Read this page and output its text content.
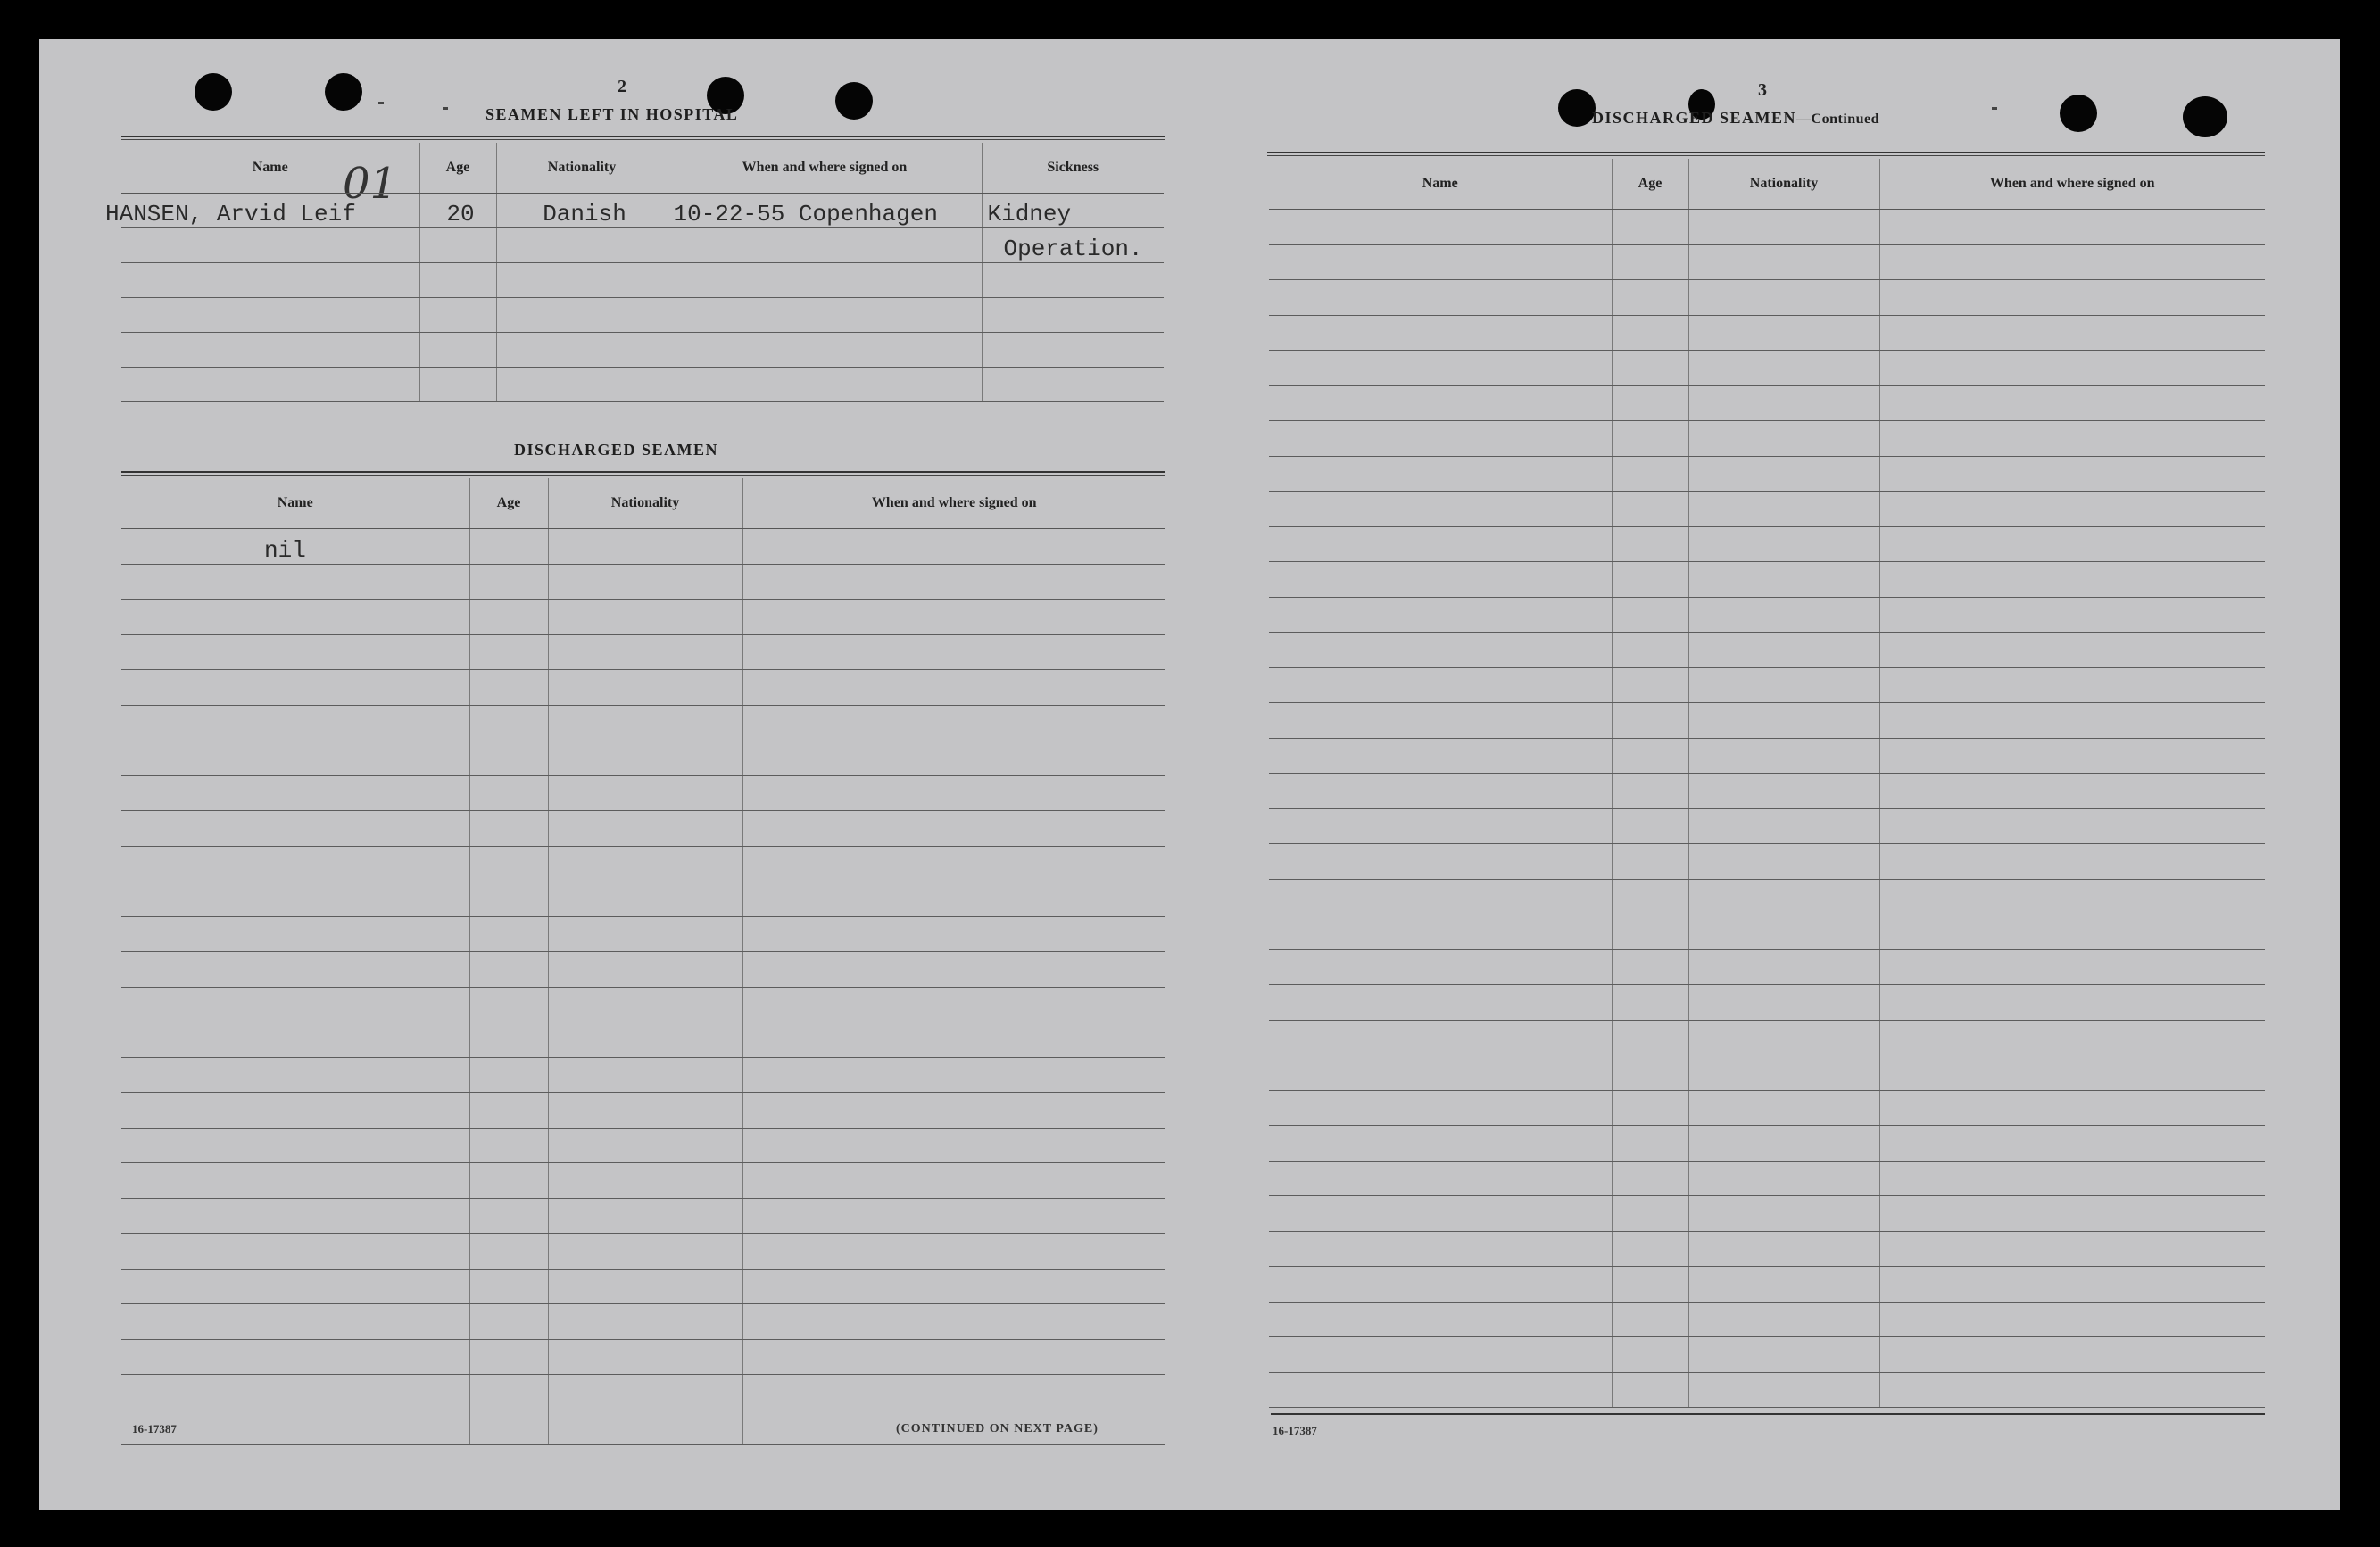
2
SEAMEN LEFT IN HOSPITAL
01
Name	Age	Nationality	When and where signed on	Sickness
HANSEN, Arvid Leif	20	Danish	10-22-55 Copenhagen	Kidney
				Operation.

DISCHARGED SEAMEN
Name	Age	Nationality	When and where signed on
nil			

16-17387	(CONTINUED ON NEXT PAGE)
3
DISCHARGED SEAMEN—Continued
Name	Age	Nationality	When and where signed on

16-17387
